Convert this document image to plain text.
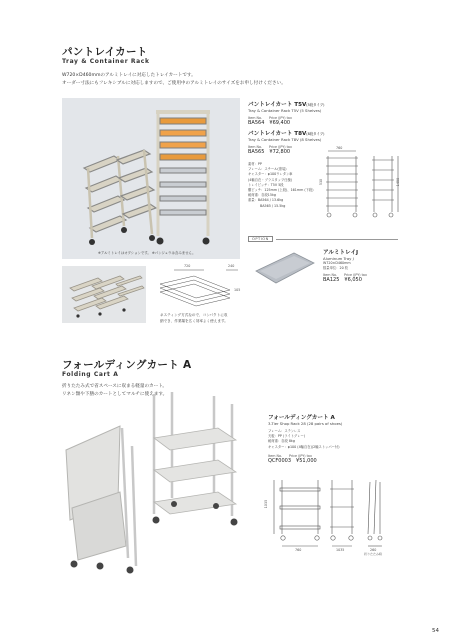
パントレイカート
Tray & Container Rack
W720×D460mmのアルミトレイに対応したトレイカートです。
オーダー寸法にもフレキシブルに対応しますので、ご使用中のアルミトレイのサイズをお申し付けください。
パントレイカート T5V(5段タイプ)
Tray & Container Rack T5V (5 Shelves)
Item No. Price (JPY) tax
BA564 ¥69,400
パントレイカート T8V(8段タイプ)
Tray & Container Rack T8V (8 Shelves)
Item No. Price (JPY) tax
BA565 ¥72,800
素材：PP
フレーム：スチール(塗装)
キャスター：φ100ウレタン車
(4輪自在・ブラスタップ仕様)
トレイピッチ：T5V 5段
棚ピッチ：125mm (上段)、161mm (下段)
耐荷重：各段15kg
重量：BA564 / 13.6kg
BA565 / 15.5kg
760
530	1450
※アルミトレイはオプションです。 ※パンジュウは含みません。
OPTION
アルミトレイJ
Aluminum Tray J
W720×D460mm
数量単位：20 枚
Item No. Price (JPY) tax
BA125 ¥6,050
720	240
105
ネスティング方式なので、コンパクトに収
納でき、作業場を広く効率よく使えます。
フォールディングカート A
Folding Cart A
折りたたみ式で省スペースに収まる軽量のカート。
リネン類や下膳のカートとしてマルチに使えます。
フォールディングカート A
3-Tier Shop Rack 28 (28 pairs of shoes)
フレーム：ステンレス
天板：PP (ライトグレー)
耐荷重：各段 8kg
キャスター：φ100 (4輪自在)(2輪ストッパー付)
Item No. Price (JPY) tax
QCF0003 ¥51,000
1035
760	1035	260
折りたたみ時
54
